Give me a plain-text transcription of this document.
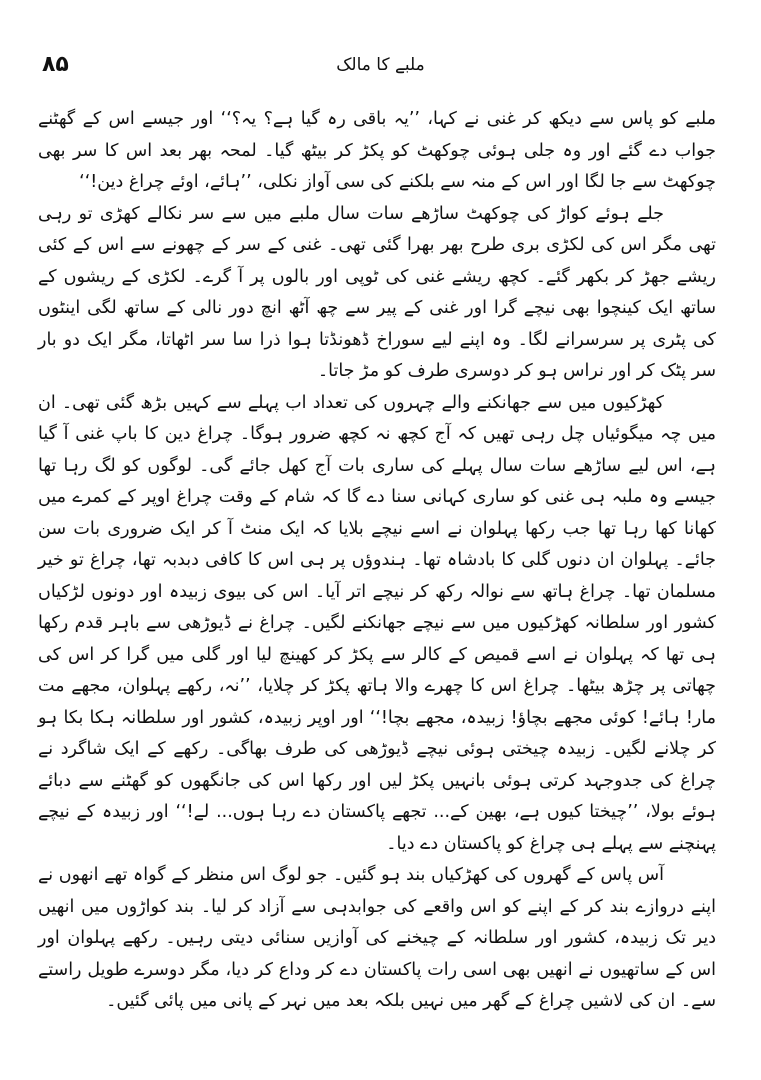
۸۵	ملبے کا مالک

ملبے کو پاس سے دیکھ کر غنی نے کہا، ’’یہ باقی رہ گیا ہے؟ یہ؟‘‘ اور جیسے اس کے گھٹنے جواب دے گئے اور وہ جلی ہوئی چوکھٹ کو پکڑ کر بیٹھ گیا۔ لمحہ بھر بعد اس کا سر بھی چوکھٹ سے جا لگا اور اس کے منہ سے بلکنے کی سی آواز نکلی، ’’ہائے، اوئے چراغ دین!‘‘

جلے ہوئے کواڑ کی چوکھٹ ساڑھے سات سال ملبے میں سے سر نکالے کھڑی تو رہی تھی مگر اس کی لکڑی بری طرح بھر بھرا گئی تھی۔ غنی کے سر کے چھونے سے اس کے کئی ریشے جھڑ کر بکھر گئے۔ کچھ ریشے غنی کی ٹوپی اور بالوں پر آ گرے۔ لکڑی کے ریشوں کے ساتھ ایک کینچوا بھی نیچے گرا اور غنی کے پیر سے چھ آٹھ انچ دور نالی کے ساتھ لگی اینٹوں کی پٹری پر سرسرانے لگا۔ وہ اپنے لیے سوراخ ڈھونڈتا ہوا ذرا سا سر اٹھاتا، مگر ایک دو بار سر پٹک کر اور نراس ہو کر دوسری طرف کو مڑ جاتا۔

کھڑکیوں میں سے جھانکنے والے چہروں کی تعداد اب پہلے سے کہیں بڑھ گئی تھی۔ ان میں چہ میگوئیاں چل رہی تھیں کہ آج کچھ نہ کچھ ضرور ہوگا۔ چراغ دین کا باپ غنی آ گیا ہے، اس لیے ساڑھے سات سال پہلے کی ساری بات آج کھل جائے گی۔ لوگوں کو لگ رہا تھا جیسے وہ ملبہ ہی غنی کو ساری کہانی سنا دے گا کہ شام کے وقت چراغ اوپر کے کمرے میں کھانا کھا رہا تھا جب رکھا پہلوان نے اسے نیچے بلایا کہ ایک منٹ آ کر ایک ضروری بات سن جائے۔ پہلوان ان دنوں گلی کا بادشاہ تھا۔ ہندوؤں پر ہی اس کا کافی دبدبہ تھا، چراغ تو خیر مسلمان تھا۔ چراغ ہاتھ سے نوالہ رکھ کر نیچے اتر آیا۔ اس کی بیوی زبیدہ اور دونوں لڑکیاں کشور اور سلطانہ کھڑکیوں میں سے نیچے جھانکنے لگیں۔ چراغ نے ڈیوڑھی سے باہر قدم رکھا ہی تھا کہ پہلوان نے اسے قمیص کے کالر سے پکڑ کر کھینچ لیا اور گلی میں گرا کر اس کی چھاتی پر چڑھ بیٹھا۔ چراغ اس کا چھرے والا ہاتھ پکڑ کر چلایا، ’’نہ، رکھے پہلوان، مجھے مت مار! ہائے! کوئی مجھے بچاؤ! زبیدہ، مجھے بچا!‘‘ اور اوپر زبیدہ، کشور اور سلطانہ ہکا بکا ہو کر چلانے لگیں۔ زبیدہ چیختی ہوئی نیچے ڈیوڑھی کی طرف بھاگی۔ رکھے کے ایک شاگرد نے چراغ کی جدوجہد کرتی ہوئی بانہیں پکڑ لیں اور رکھا اس کی جانگھوں کو گھٹنے سے دبائے ہوئے بولا، ’’چیختا کیوں ہے، بھین کے... تجھے پاکستان دے رہا ہوں... لے!‘‘ اور زبیدہ کے نیچے پہنچنے سے پہلے ہی چراغ کو پاکستان دے دیا۔

آس پاس کے گھروں کی کھڑکیاں بند ہو گئیں۔ جو لوگ اس منظر کے گواہ تھے انھوں نے اپنے دروازے بند کر کے اپنے کو اس واقعے کی جوابدہی سے آزاد کر لیا۔ بند کواڑوں میں انھیں دیر تک زبیدہ، کشور اور سلطانہ کے چیخنے کی آوازیں سنائی دیتی رہیں۔ رکھے پہلوان اور اس کے ساتھیوں نے انھیں بھی اسی رات پاکستان دے کر وداع کر دیا، مگر دوسرے طویل راستے سے۔ ان کی لاشیں چراغ کے گھر میں نہیں بلکہ بعد میں نہر کے پانی میں پائی گئیں۔
